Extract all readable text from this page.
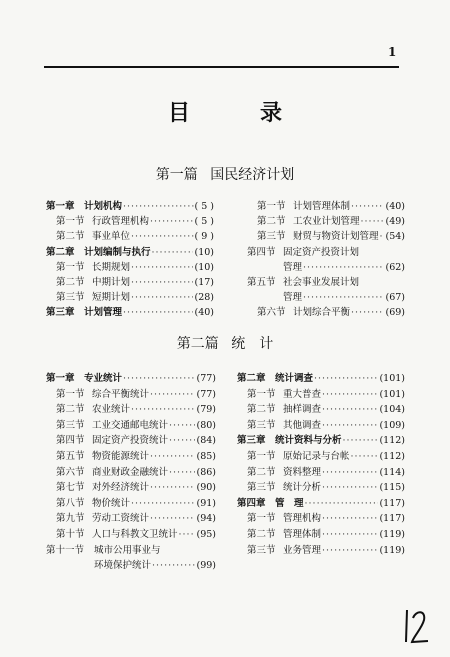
1
目　录
第一篇 国民经济计划
第一章 计划机构 ·····	( 5 )
第一节 行政管理机构 ·····	( 5 )
第二节 事业单位 ·····	( 9 )
第二章 计划编制与执行 ·····	(10)
第一节 长期规划 ·····	(10)
第二节 中期计划 ·····	(17)
第三节 短期计划 ·····	(28)
第三章 计划管理 ·····	(40)
第一节 计划管理体制 ·····	(40)
第二节 工农业计划管理 ·····	(49)
第三节 财贸与物资计划管理 ····· (54)
第四节 固定资产投资计划
管理 ·····	(62)
第五节 社会事业发展计划
管理 ·····	(67)
第六节 计划综合平衡 ·····	(69)
第二篇 统　计
第一章 专业统计 ·····	(77)
第一节 综合平衡统计 ·····	(77)
第二节 农业统计 ·····	(79)
第三节 工业交通邮电统计 ·····	(80)
第四节 固定资产投资统计 ·····	(84)
第五节 物资能源统计 ·····	(85)
第六节 商业财政金融统计 ·····	(86)
第七节 对外经济统计 ·····	(90)
第八节 物价统计 ·····	(91)
第九节 劳动工资统计 ·····	(94)
第十节 人口与科教文卫统计 ····· (95)
第十一节	城市公用事业与
环境保护统计 ·····	(99)
第二章 统计调查 ·····	(101)
第一节 重大普查 ·····	(101)
第二节 抽样调查 ·····	(104)
第三节 其他调查 ·····	(109)
第三章 统计资料与分析 ·····	(112)
第一节 原始记录与台帐 ·····	(112)
第二节 资料整理 ·····	(114)
第三节 统计分析 ·····	(115)
第四章 管　理 ·····	(117)
第一节 管理机构 ·····	(117)
第二节 管理体制 ·····	(119)
第三节 业务管理 ·····	(119)
